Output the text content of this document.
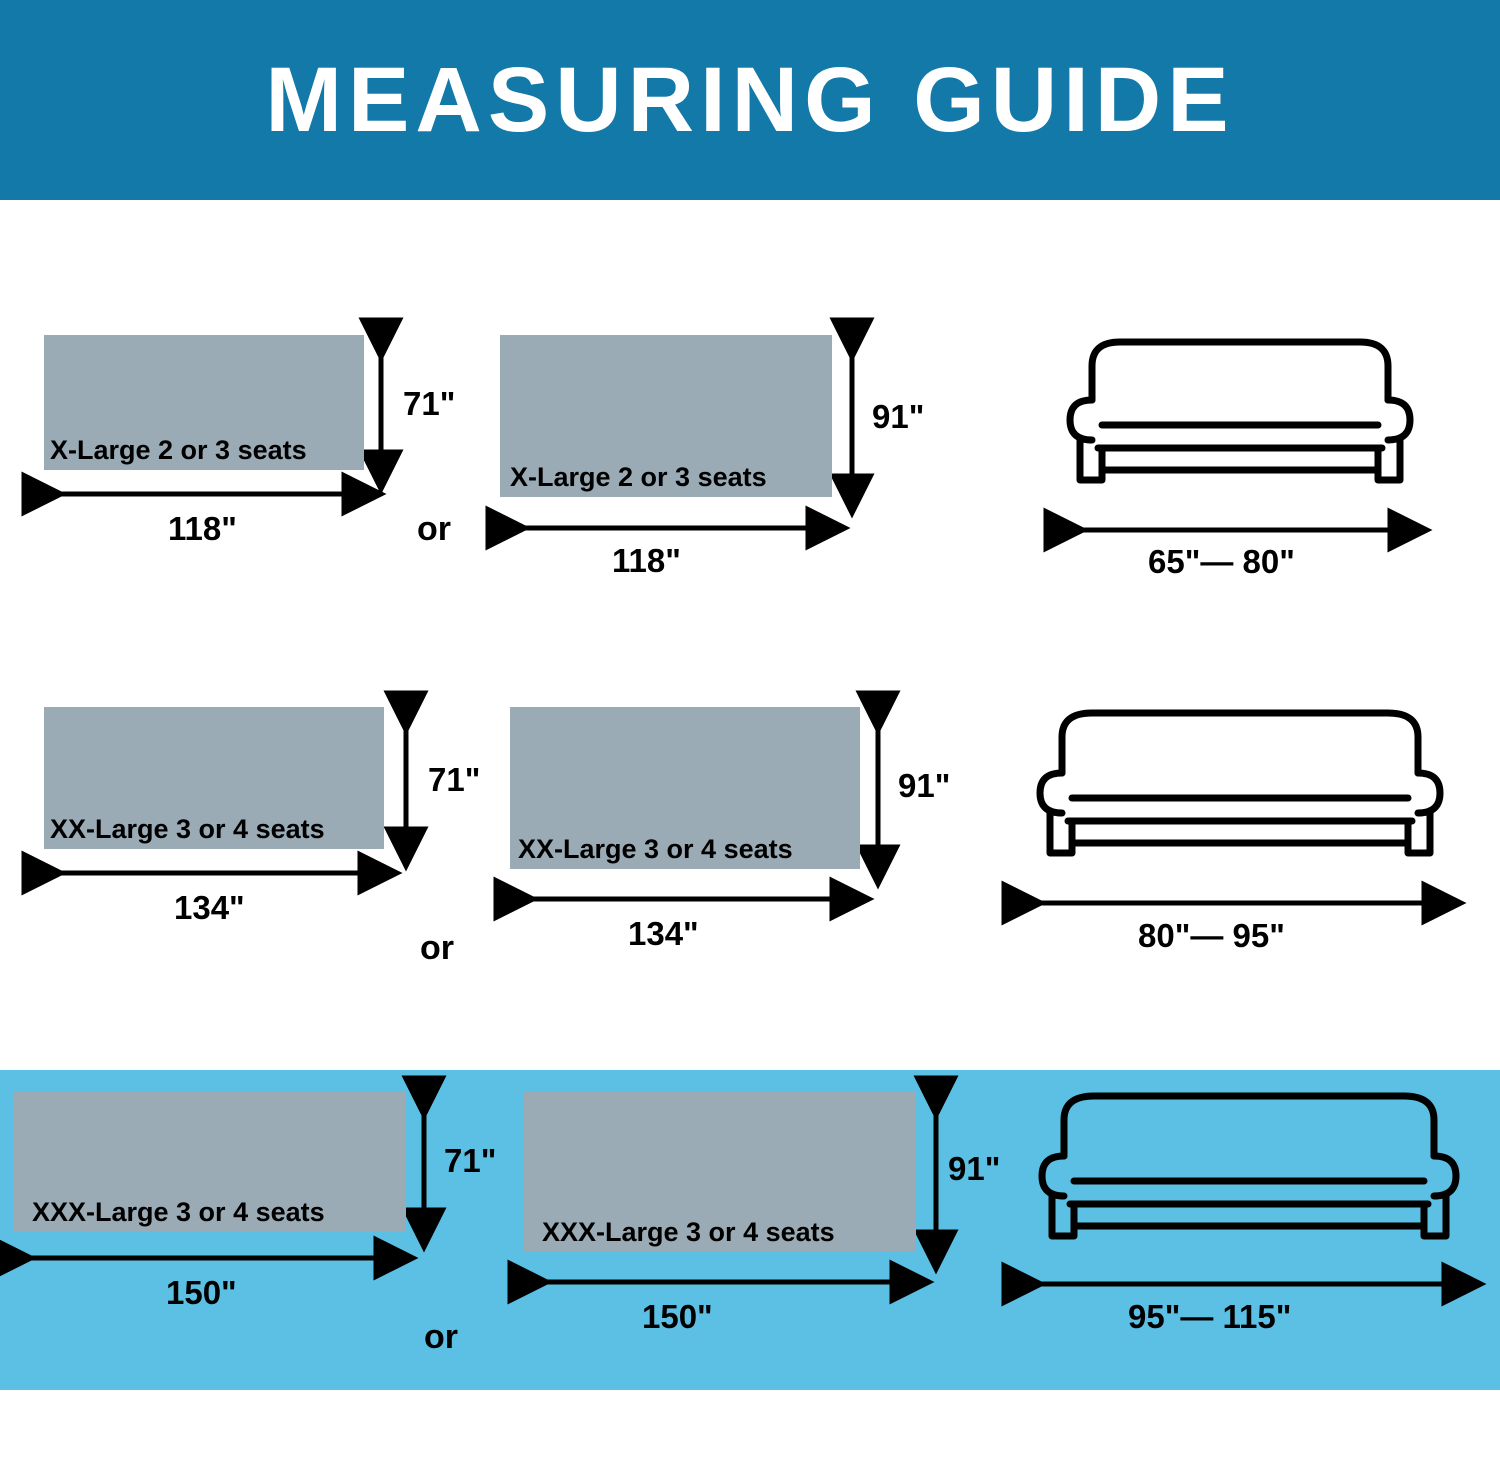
MEASURING GUIDE
X-Large 2 or 3 seats
71"
118"	or
X-Large 2 or 3 seats
91"
118"	65"— 80"
XX-Large 3 or 4 seats
71"
134"
or
XX-Large 3 or 4 seats
91"
134"	80"— 95"
XXX-Large 3 or 4 seats
71"
150"
or
XXX-Large 3 or 4 seats
91"
150"	95"— 115"
